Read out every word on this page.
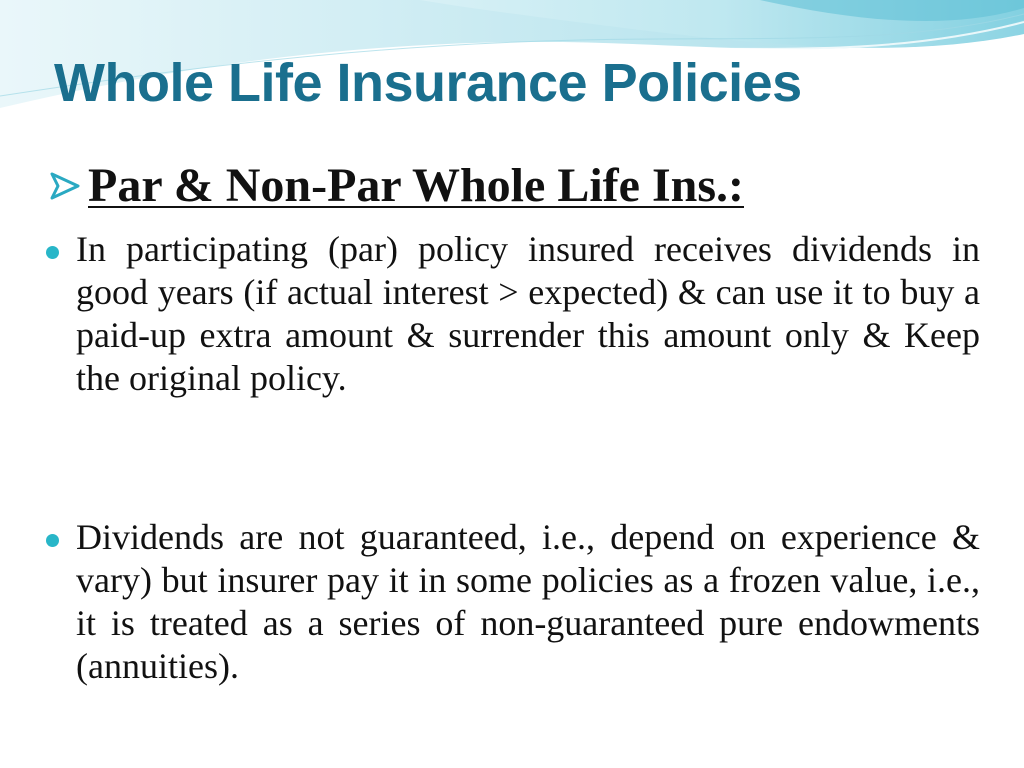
Whole Life Insurance Policies
Par & Non-Par Whole Life Ins.:
In participating (par) policy insured receives dividends in good years (if actual interest > expected) & can use it to buy a paid-up extra amount & surrender this amount only & Keep the original policy.
Dividends are not guaranteed, i.e., depend on experience & vary) but insurer pay it in some policies as a frozen value, i.e., it is treated as a series of non-guaranteed pure endowments (annuities).
